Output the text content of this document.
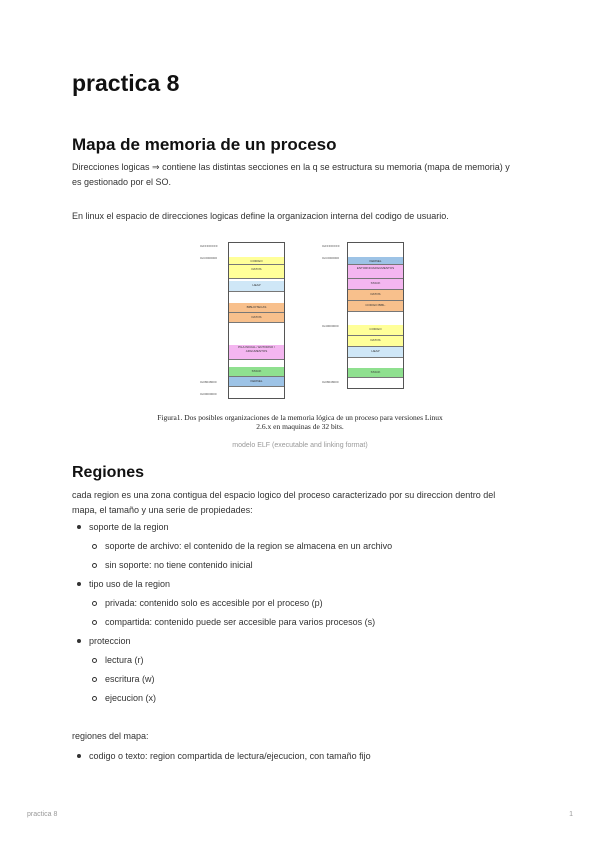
practica 8
Mapa de memoria de un proceso

Direcciones logicas ⇒ contiene las distintas secciones en la q se estructura su memoria (mapa de memoria) y es gestionado por el SO.

En linux el espacio de direcciones logicas define la organizacion interna del codigo de usuario.

CODIGO
DATOS
HEAP
BIBLIOTECAS
DATOS
PILA INICIAL / ENTORNO / ARGUMENTOS
STACK
KERNEL
0xFFFFFFFF
0xC0000000
0x08048000
0x00000000
KERNEL
ENTORNO/ARGUMENTOS
STACK
DATOS
CODIGO BIBL.
CODIGO
DATOS
HEAP
STACK
0xFFFFFFFF
0xC0000000
0x40000000
0x08048000
Figura1. Dos posibles organizaciones de la memoria lógica de un proceso para versiones Linux 2.6.x en maquinas de 32 bits.
modelo ELF (executable and linking format)
Regiones

cada region es una zona contigua del espacio logico del proceso caracterizado por su direccion dentro del mapa, el tamaño y una serie de propiedades:

soporte de la region
soporte de archivo: el contenido de la region se almacena en un archivo
sin soporte: no tiene contenido inicial
tipo uso de la region
privada: contenido solo es accesible por el proceso (p)
compartida: contenido puede ser accesible para varios procesos (s)
proteccion
lectura (r)
escritura (w)
ejecucion (x)

regiones del mapa:

codigo o texto: region compartida de lectura/ejecucion, con tamaño fijo
practica 8	1
